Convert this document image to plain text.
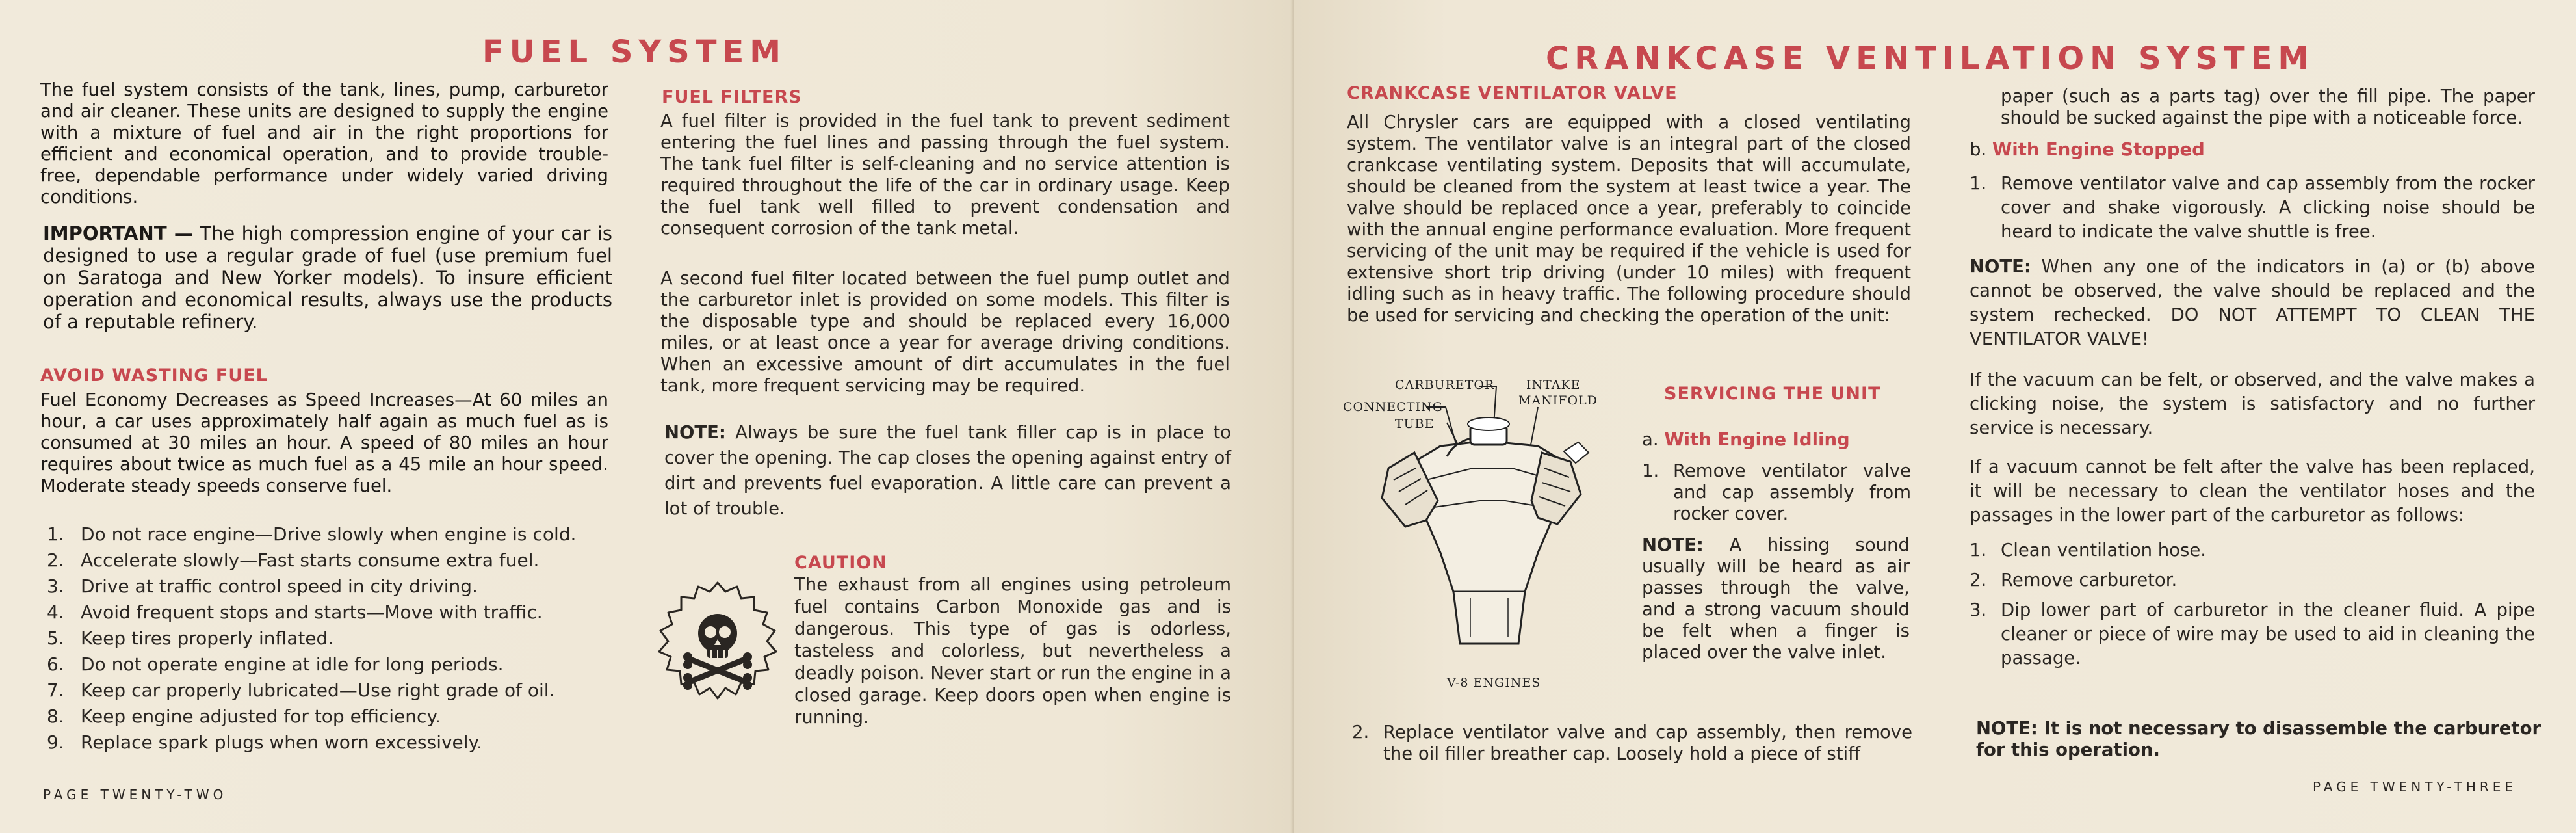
FUEL SYSTEM

The fuel system consists of the tank, lines, pump, carburetor and air cleaner. These units are designed to supply the engine with a mixture of fuel and air in the right proportions for efficient and economical operation, and to provide trouble-free, dependable performance under widely varied driving conditions.

IMPORTANT — The high compression engine of your car is designed to use a regular grade of fuel (use premium fuel on Saratoga and New Yorker models). To insure efficient operation and economical results, always use the products of a reputable refinery.

AVOID WASTING FUEL

Fuel Economy Decreases as Speed Increases—At 60 miles an hour, a car uses approximately half again as much fuel as is consumed at 30 miles an hour. A speed of 80 miles an hour requires about twice as much fuel as a 45 mile an hour speed. Moderate steady speeds conserve fuel.

1. Do not race engine—Drive slowly when engine is cold.
2. Accelerate slowly—Fast starts consume extra fuel.
3. Drive at traffic control speed in city driving.
4. Avoid frequent stops and starts—Move with traffic.
5. Keep tires properly inflated.
6. Do not operate engine at idle for long periods.
7. Keep car properly lubricated—Use right grade of oil.
8. Keep engine adjusted for top efficiency.
9. Replace spark plugs when worn excessively.

PAGE TWENTY-TWO

FUEL FILTERS

A fuel filter is provided in the fuel tank to prevent sediment entering the fuel lines and passing through the fuel system. The tank fuel filter is self-cleaning and no service attention is required throughout the life of the car in ordinary usage. Keep the fuel tank well filled to prevent condensation and consequent corrosion of the tank metal.

A second fuel filter located between the fuel pump outlet and the carburetor inlet is provided on some models. This filter is the disposable type and should be replaced every 16,000 miles, or at least once a year for average driving conditions. When an excessive amount of dirt accumulates in the fuel tank, more frequent servicing may be required.

NOTE: Always be sure the fuel tank filler cap is in place to cover the opening. The cap closes the opening against entry of dirt and prevents fuel evaporation. A little care can prevent a lot of trouble.

CAUTION

The exhaust from all engines using petroleum fuel contains Carbon Monoxide gas and is dangerous. This type of gas is odorless, tasteless and colorless, but nevertheless a deadly poison. Never start or run the engine in a closed garage. Keep doors open when engine is running.

CRANKCASE VENTILATION SYSTEM
CRANKCASE VENTILATOR VALVE

All Chrysler cars are equipped with a closed ventilating system. The ventilator valve is an integral part of the closed crankcase ventilating system. Deposits that will accumulate, should be cleaned from the system at least twice a year. The valve should be replaced once a year, preferably to coincide with the annual engine performance evaluation. More frequent servicing of the unit may be required if the vehicle is used for extensive short trip driving (under 10 miles) with frequent idling such as in heavy traffic. The following procedure should be used for servicing and checking the operation of the unit:

CARBURETOR
CONNECTING
TUBE
INTAKE
MANIFOLD
V-8 ENGINES
SERVICING THE UNIT

a. With Engine Idling

1. Remove ventilator valve and cap assembly from rocker cover.

NOTE: A hissing sound usually will be heard as air passes through the valve, and a strong vacuum should be felt when a finger is placed over the valve inlet.

2. Replace ventilator valve and cap assembly, then remove the oil filler breather cap. Loosely hold a piece of stiff

paper (such as a parts tag) over the fill pipe. The paper should be sucked against the pipe with a noticeable force.

b. With Engine Stopped

1. Remove ventilator valve and cap assembly from the rocker cover and shake vigorously. A clicking noise should be heard to indicate the valve shuttle is free.

NOTE: When any one of the indicators in (a) or (b) above cannot be observed, the valve should be replaced and the system rechecked. DO NOT ATTEMPT TO CLEAN THE VENTILATOR VALVE!

If the vacuum can be felt, or observed, and the valve makes a clicking noise, the system is satisfactory and no further service is necessary.

If a vacuum cannot be felt after the valve has been replaced, it will be necessary to clean the ventilator hoses and the passages in the lower part of the carburetor as follows:

1. Clean ventilation hose.
2. Remove carburetor.
3. Dip lower part of carburetor in the cleaner fluid. A pipe cleaner or piece of wire may be used to aid in cleaning the passage.

NOTE: It is not necessary to disassemble the carburetor for this operation.

PAGE TWENTY-THREE
